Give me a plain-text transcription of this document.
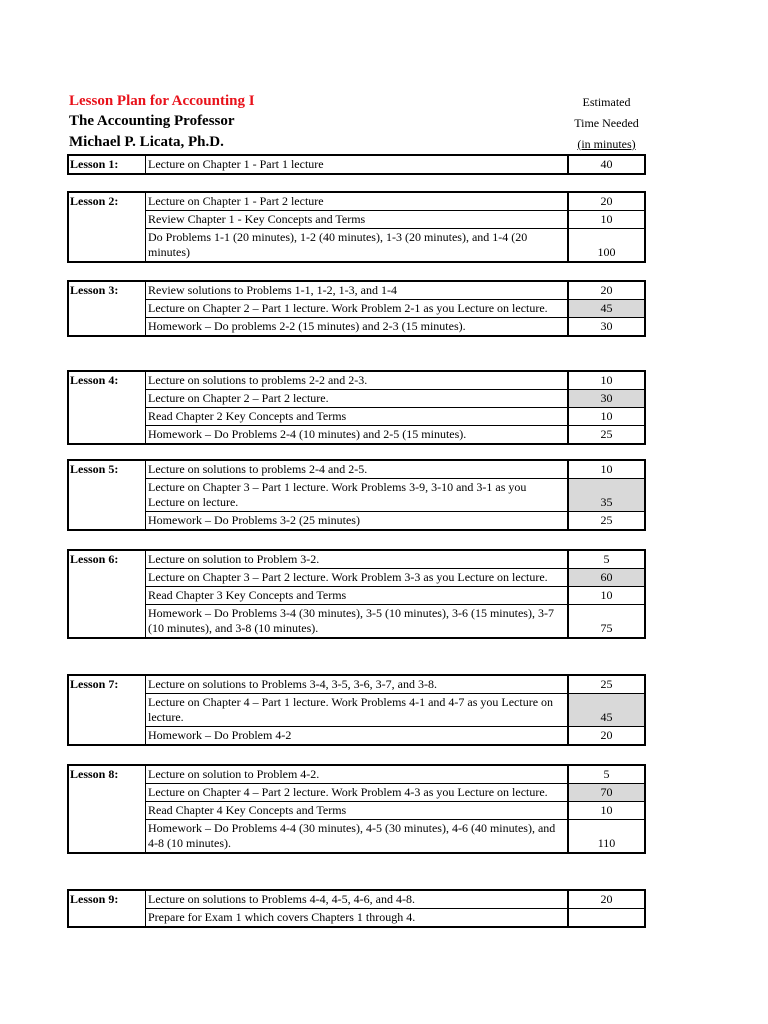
Lesson Plan for Accounting I
The Accounting Professor
Michael P. Licata, Ph.D.
Estimated
Time Needed
(in minutes)
Lesson 1: Lecture on Chapter 1 - Part 1 lecture	40
Lesson 2: Lecture on Chapter 1 - Part 2 lecture	20
Review Chapter 1 - Key Concepts and Terms	10
Do Problems 1-1 (20 minutes), 1-2 (40 minutes), 1-3 (20 minutes), and 1-4 (20 minutes)	100
Lesson 3: Review solutions to Problems 1-1, 1-2, 1-3, and 1-4	20
Lecture on Chapter 2 – Part 1 lecture. Work Problem 2-1 as you Lecture on lecture.	45
Homework – Do problems 2-2 (15 minutes) and 2-3 (15 minutes).	30
Lesson 4: Lecture on solutions to problems 2-2 and 2-3.	10
Lecture on Chapter 2 – Part 2 lecture.	30
Read Chapter 2 Key Concepts and Terms	10
Homework – Do Problems 2-4 (10 minutes) and 2-5 (15 minutes).	25
Lesson 5: Lecture on solutions to problems 2-4 and 2-5.	10
Lecture on Chapter 3 – Part 1 lecture. Work Problems 3-9, 3-10 and 3-1 as you Lecture on lecture.	35
Homework – Do Problems 3-2 (25 minutes)	25
Lesson 6: Lecture on solution to Problem 3-2.	5
Lecture on Chapter 3 – Part 2 lecture. Work Problem 3-3 as you Lecture on lecture.	60
Read Chapter 3 Key Concepts and Terms	10
Homework – Do Problems 3-4 (30 minutes), 3-5 (10 minutes), 3-6 (15 minutes), 3-7 (10 minutes), and 3-8 (10 minutes).	75
Lesson 7: Lecture on solutions to Problems 3-4, 3-5, 3-6, 3-7, and 3-8.	25
Lecture on Chapter 4 – Part 1 lecture. Work Problems 4-1 and 4-7 as you Lecture on lecture.	45
Homework – Do Problem 4-2	20
Lesson 8: Lecture on solution to Problem 4-2.	5
Lecture on Chapter 4 – Part 2 lecture. Work Problem 4-3 as you Lecture on lecture.	70
Read Chapter 4 Key Concepts and Terms	10
Homework – Do Problems 4-4 (30 minutes), 4-5 (30 minutes), 4-6 (40 minutes), and 4-8 (10 minutes).	110
Lesson 9: Lecture on solutions to Problems 4-4, 4-5, 4-6, and 4-8.	20
Prepare for Exam 1 which covers Chapters 1 through 4.
